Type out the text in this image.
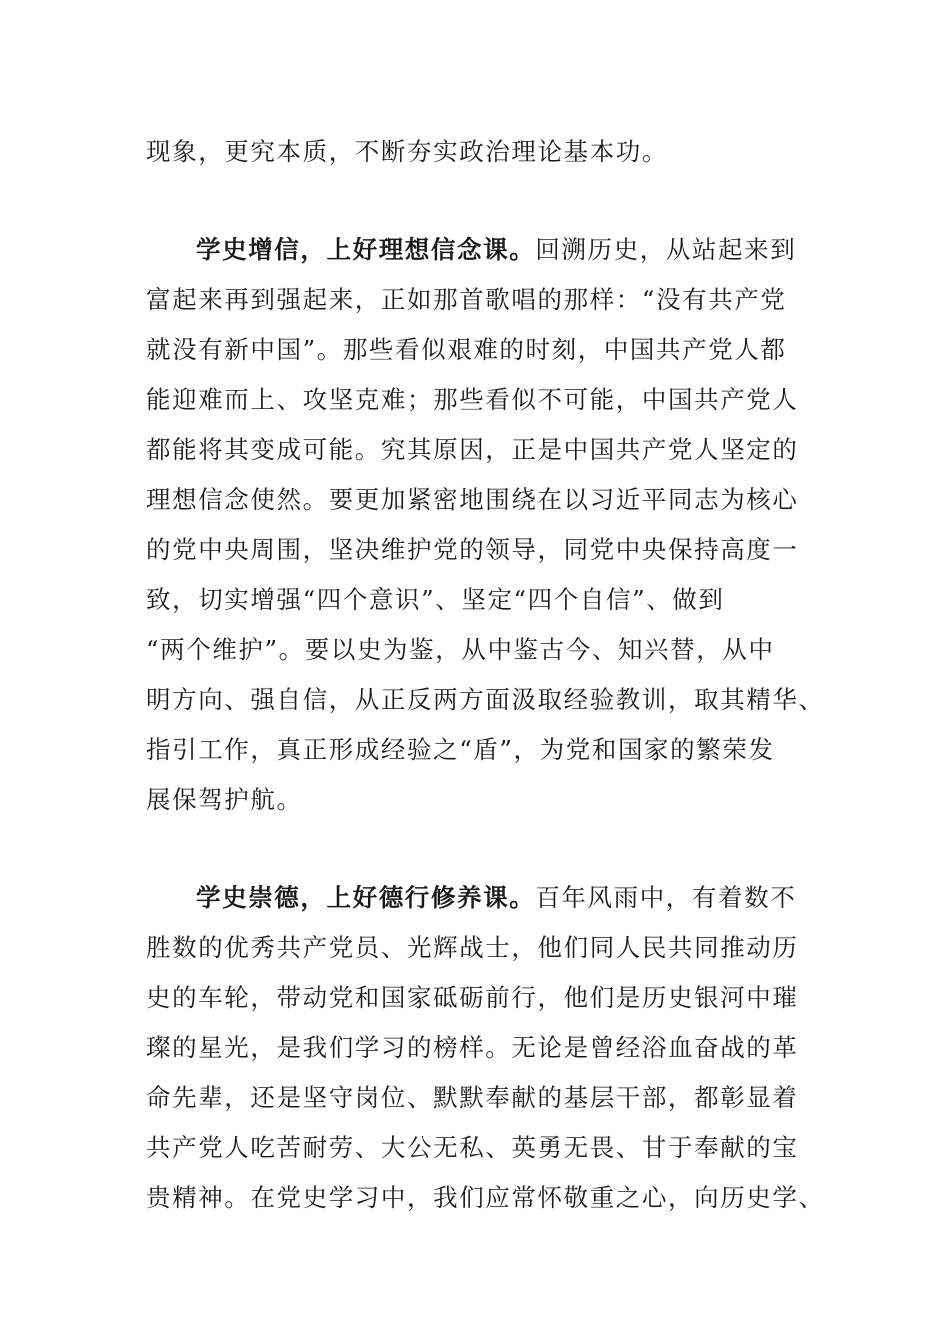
现象，更究本质，不断夯实政治理论基本功。
学史增信，上好理想信念课。回溯历史，从站起来到
富起来再到强起来，正如那首歌唱的那样：“没有共产党
就没有新中国”。那些看似艰难的时刻，中国共产党人都
能迎难而上、攻坚克难；那些看似不可能，中国共产党人
都能将其变成可能。究其原因，正是中国共产党人坚定的
理想信念使然。要更加紧密地围绕在以习近平同志为核心
的党中央周围，坚决维护党的领导，同党中央保持高度一
致，切实增强“四个意识”、坚定“四个自信”、做到
“两个维护”。要以史为鉴，从中鉴古今、知兴替，从中
明方向、强自信，从正反两方面汲取经验教训，取其精华、
指引工作，真正形成经验之“盾”，为党和国家的繁荣发
展保驾护航。
学史崇德，上好德行修养课。百年风雨中，有着数不
胜数的优秀共产党员、光辉战士，他们同人民共同推动历
史的车轮，带动党和国家砥砺前行，他们是历史银河中璀
璨的星光，是我们学习的榜样。无论是曾经浴血奋战的革
命先辈，还是坚守岗位、默默奉献的基层干部，都彰显着
共产党人吃苦耐劳、大公无私、英勇无畏、甘于奉献的宝
贵精神。在党史学习中，我们应常怀敬重之心，向历史学、
